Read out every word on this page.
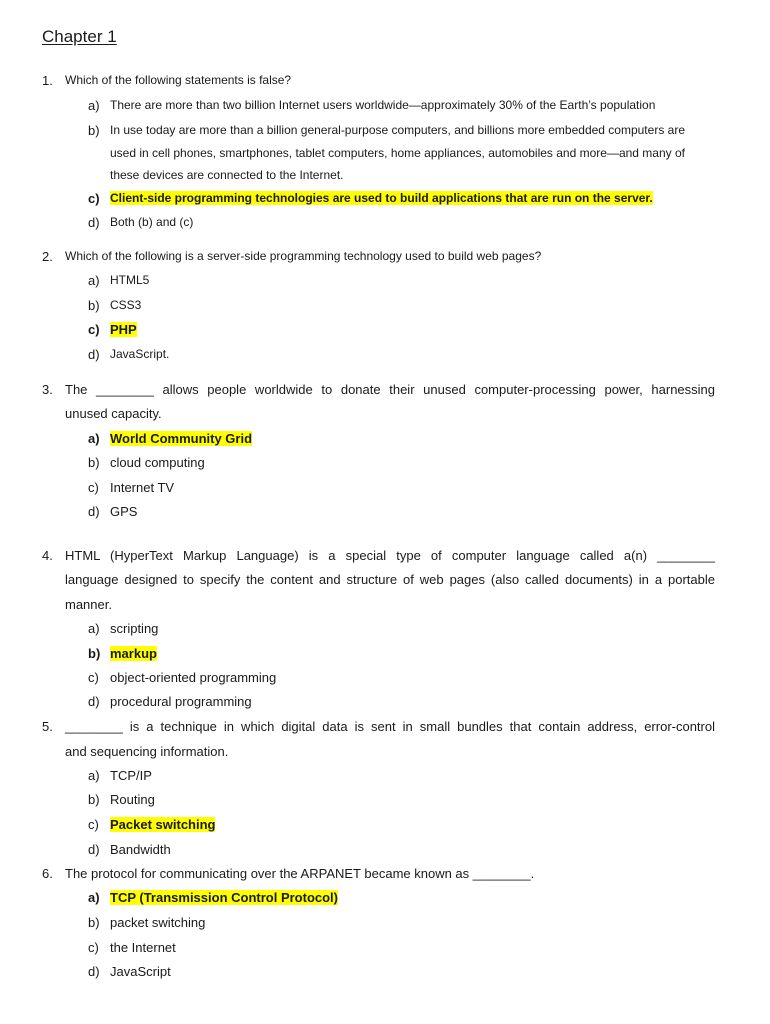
Chapter 1
1. Which of the following statements is false?
a) There are more than two billion Internet users worldwide—approximately 30% of the Earth’s population
b) In use today are more than a billion general-purpose computers, and billions more embedded computers are
used in cell phones, smartphones, tablet computers, home appliances, automobiles and more—and many of
these devices are connected to the Internet.
c) Client-side programming technologies are used to build applications that are run on the server.
d) Both (b) and (c)
2. Which of the following is a server-side programming technology used to build web pages?
a) HTML5
b) CSS3
c) PHP
d) JavaScript.
3. The ________ allows people worldwide to donate their unused computer-processing power, harnessing
unused capacity.
a) World Community Grid
b) cloud computing
c) Internet TV
d) GPS
4. HTML (HyperText Markup Language) is a special type of computer language called a(n) ________
language designed to specify the content and structure of web pages (also called documents) in a portable
manner.
a) scripting
b) markup
c) object-oriented programming
d) procedural programming
5. ________ is a technique in which digital data is sent in small bundles that contain address, error-control
and sequencing information.
a) TCP/IP
b) Routing
c) Packet switching
d) Bandwidth
6. The protocol for communicating over the ARPANET became known as ________.
a) TCP (Transmission Control Protocol)
b) packet switching
c) the Internet
d) JavaScript
